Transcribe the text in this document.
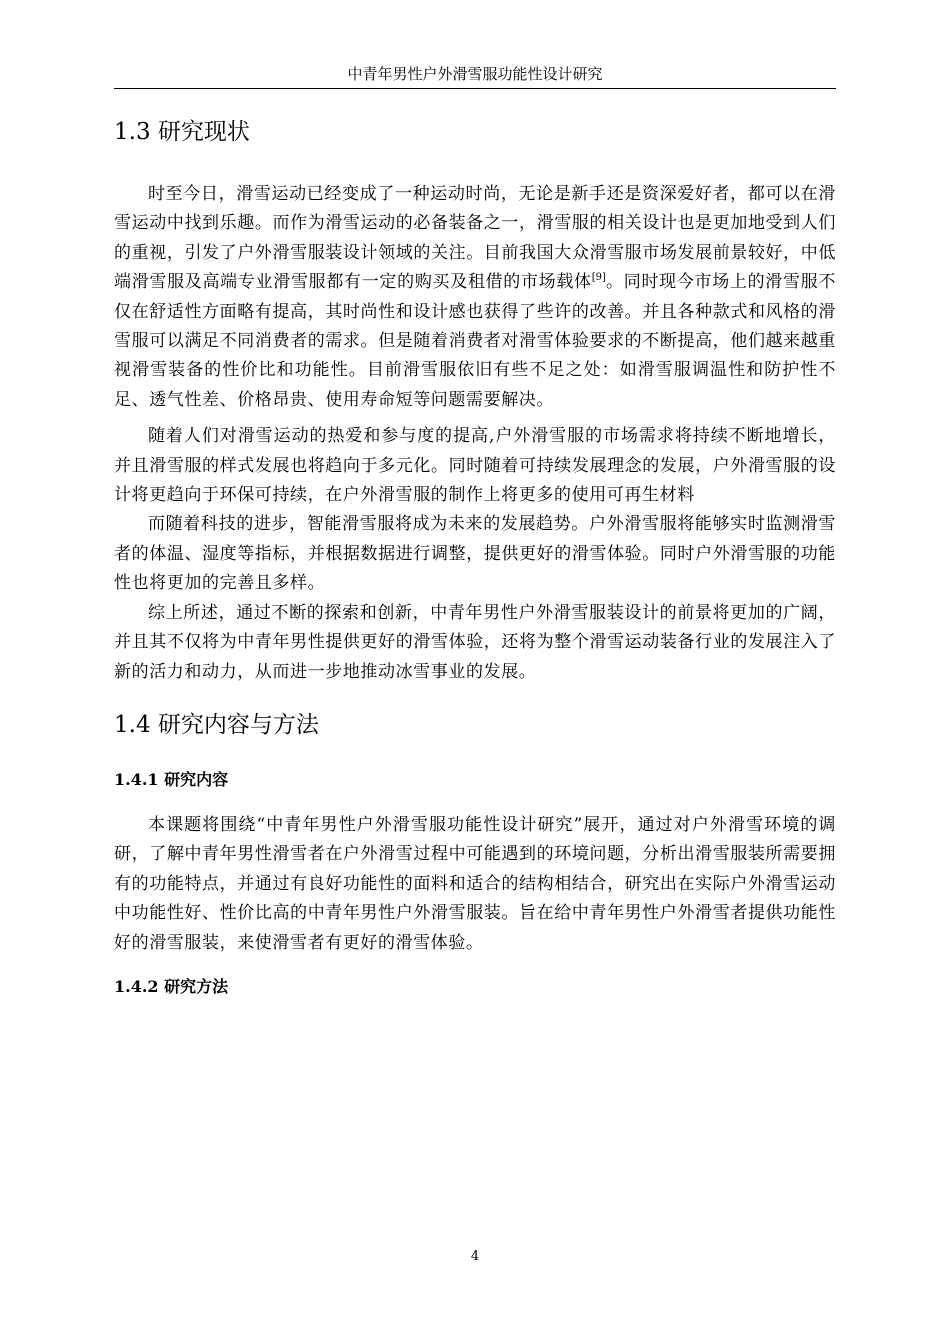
中青年男性户外滑雪服功能性设计研究
1.3 研究现状

时至今日，滑雪运动已经变成了一种运动时尚，无论是新手还是资深爱好者，都可以在滑雪运动中找到乐趣。而作为滑雪运动的必备装备之一，滑雪服的相关设计也是更加地受到人们的重视，引发了户外滑雪服装设计领域的关注。目前我国大众滑雪服市场发展前景较好，中低端滑雪服及高端专业滑雪服都有一定的购买及租借的市场载体[9]。同时现今市场上的滑雪服不仅在舒适性方面略有提高，其时尚性和设计感也获得了些许的改善。并且各种款式和风格的滑雪服可以满足不同消费者的需求。但是随着消费者对滑雪体验要求的不断提高，他们越来越重视滑雪装备的性价比和功能性。目前滑雪服依旧有些不足之处：如滑雪服调温性和防护性不足、透气性差、价格昂贵、使用寿命短等问题需要解决。

随着人们对滑雪运动的热爱和参与度的提高,户外滑雪服的市场需求将持续不断地增长，并且滑雪服的样式发展也将趋向于多元化。同时随着可持续发展理念的发展，户外滑雪服的设计将更趋向于环保可持续，在户外滑雪服的制作上将更多的使用可再生材料

而随着科技的进步，智能滑雪服将成为未来的发展趋势。户外滑雪服将能够实时监测滑雪者的体温、湿度等指标，并根据数据进行调整，提供更好的滑雪体验。同时户外滑雪服的功能性也将更加的完善且多样。

综上所述，通过不断的探索和创新，中青年男性户外滑雪服装设计的前景将更加的广阔，并且其不仅将为中青年男性提供更好的滑雪体验，还将为整个滑雪运动装备行业的发展注入了新的活力和动力，从而进一步地推动冰雪事业的发展。

1.4 研究内容与方法
1.4.1 研究内容

本课题将围绕“中青年男性户外滑雪服功能性设计研究”展开，通过对户外滑雪环境的调研，了解中青年男性滑雪者在户外滑雪过程中可能遇到的环境问题，分析出滑雪服装所需要拥有的功能特点，并通过有良好功能性的面料和适合的结构相结合，研究出在实际户外滑雪运动中功能性好、性价比高的中青年男性户外滑雪服装。旨在给中青年男性户外滑雪者提供功能性好的滑雪服装，来使滑雪者有更好的滑雪体验。

1.4.2 研究方法
4
